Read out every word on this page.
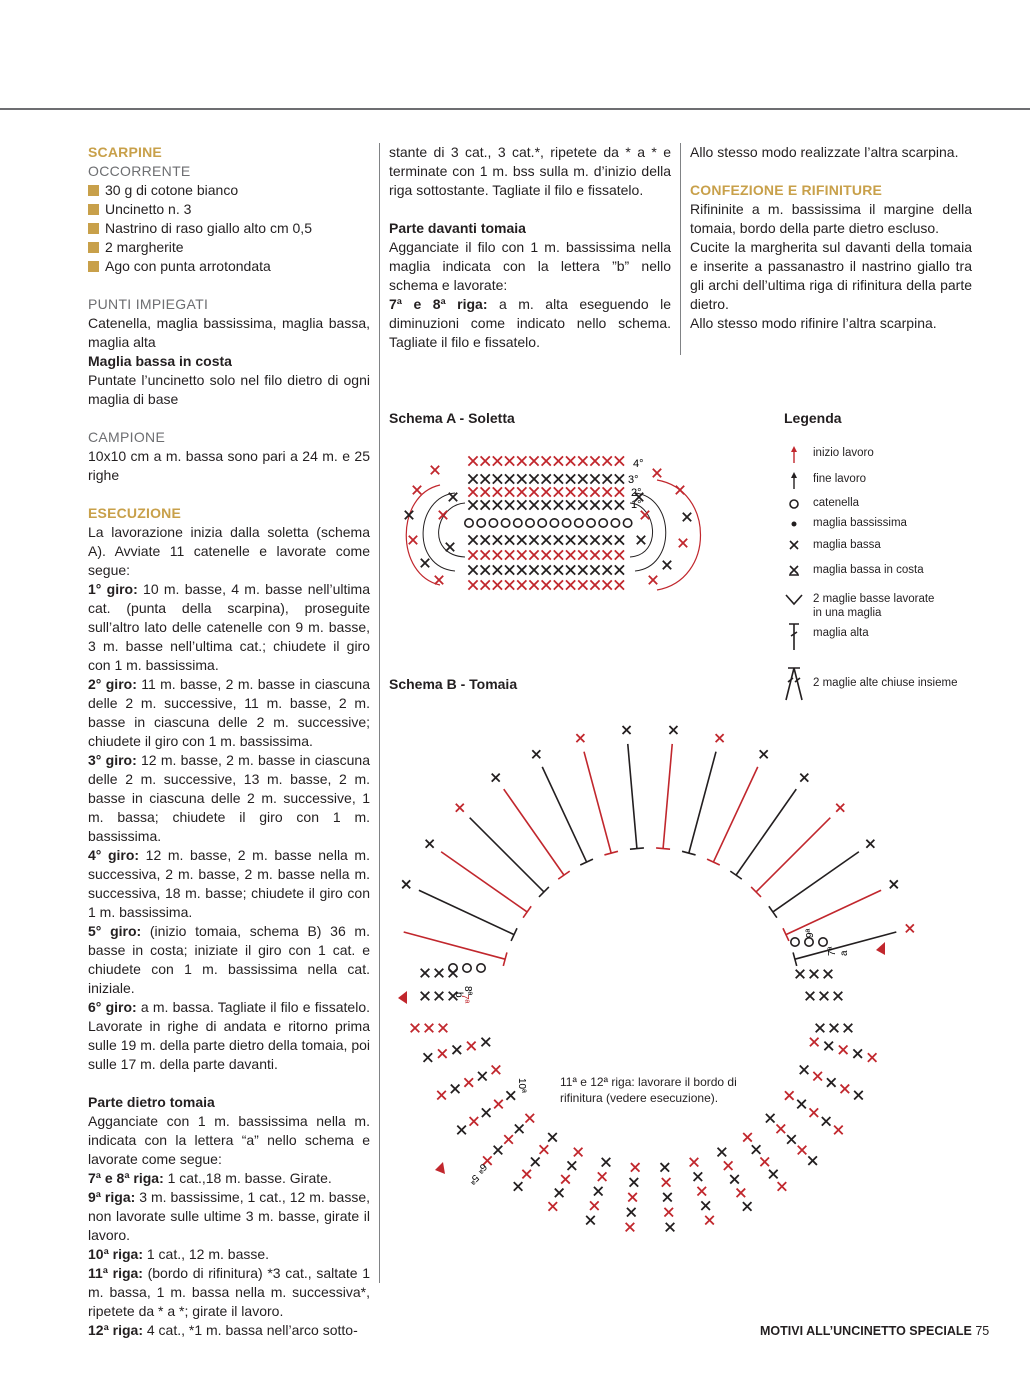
SCARPINE

OCCORRENTE

30 g di cotone bianco

Uncinetto n. 3

Nastrino di raso giallo alto cm 0,5

2 margherite

Ago con punta arrotondata

PUNTI IMPIEGATI

Catenella, maglia bassissima, maglia bassa, maglia alta

Maglia bassa in costa

Puntate l’uncinetto solo nel filo dietro di ogni maglia di base

CAMPIONE

10x10 cm a m. bassa sono pari a 24 m. e 25 righe

ESECUZIONE

La lavorazione inizia dalla soletta (schema A). Avviate 11 catenelle e lavorate come segue:

1° giro: 10 m. basse, 4 m. basse nell’ultima cat. (punta della scarpina), proseguite sull’altro lato delle catenelle con 9 m. basse, 3 m. basse nell’ultima cat.; chiudete il giro con 1 m. bassissima.

2° giro: 11 m. basse, 2 m. basse in ciascuna delle 2 m. successive, 11 m. basse, 2 m. basse in ciascuna delle 2 m. successive; chiudete il giro con 1 m. bassissima.

3° giro: 12 m. basse, 2 m. basse in ciascuna delle 2 m. successive, 13 m. basse, 2 m. basse in ciascuna delle 2 m. successive, 1 m. bassa; chiudete il giro con 1 m. bassissima.

4° giro: 12 m. basse, 2 m. basse nella m. successiva, 2 m. basse, 2 m. basse nella m. successiva, 18 m. basse; chiudete il giro con 1 m. bassissima.

5° giro: (inizio tomaia, schema B) 36 m. basse in costa; iniziate il giro con 1 cat. e chiudete con 1 m. bassissima nella cat. iniziale.

6° giro: a m. bassa. Tagliate il filo e fissatelo. Lavorate in righe di andata e ritorno prima sulle 19 m. della parte dietro della tomaia, poi sulle 17 m. della parte davanti.

Parte dietro tomaia

Agganciate con 1 m. bassissima nella m. indicata con la lettera “a” nello schema e lavorate come segue:

7ª e 8ª riga: 1 cat.,18 m. basse. Girate.

9ª riga: 3 m. bassissime, 1 cat., 12 m. basse, non lavorate sulle ultime 3 m. basse, girate il lavoro.

10ª riga: 1 cat., 12 m. basse.

11ª riga: (bordo di rifinitura) *3 cat., saltate 1 m. bassa, 1 m. bassa nella m. successiva*, ripetete da * a *; girate il lavoro.

12ª riga: 4 cat., *1 m. bassa nell’arco sotto-

stante di 3 cat., 3 cat.*, ripetete da * a * e terminate con 1 m. bss sulla m. d’inizio della riga sottostante. Tagliate il filo e fissatelo.

Parte davanti tomaia

Agganciate il filo con 1 m. bassissima nella maglia indicata con la lettera ”b” nello schema e lavorate:

7ª e 8ª riga: a m. alta eseguendo le diminuzioni come indicato nello schema. Tagliate il filo e fissatelo.

Allo stesso modo realizzate l’altra scarpina.

CONFEZIONE E RIFINITURE

Rifininite a m. bassissima il margine della tomaia, bordo della parte dietro escluso.

Cucite la margherita sul davanti della tomaia e inserite a passanastro il nastrino giallo tra gli archi dell’ultima riga di rifinitura della parte dietro.

Allo stesso modo rifinire l’altra scarpina.

Schema A - Soletta
Schema B - Tomaia
Legenda
4°
3°
2°
1°
inizio lavoro
fine lavoro
catenella
maglia bassissima
maglia bassa
maglia bassa in costa
2 maglie basse lavorate in una maglia
maglia alta
2 maglie alte chiuse insieme
7ª
b
8ª
9ª
a
7ª
10ª
6ª
5ª
11ª e 12ª riga: lavorare il bordo di rifinitura (vedere esecuzione).
MOTIVI ALL’UNCINETTO SPECIALE 75
